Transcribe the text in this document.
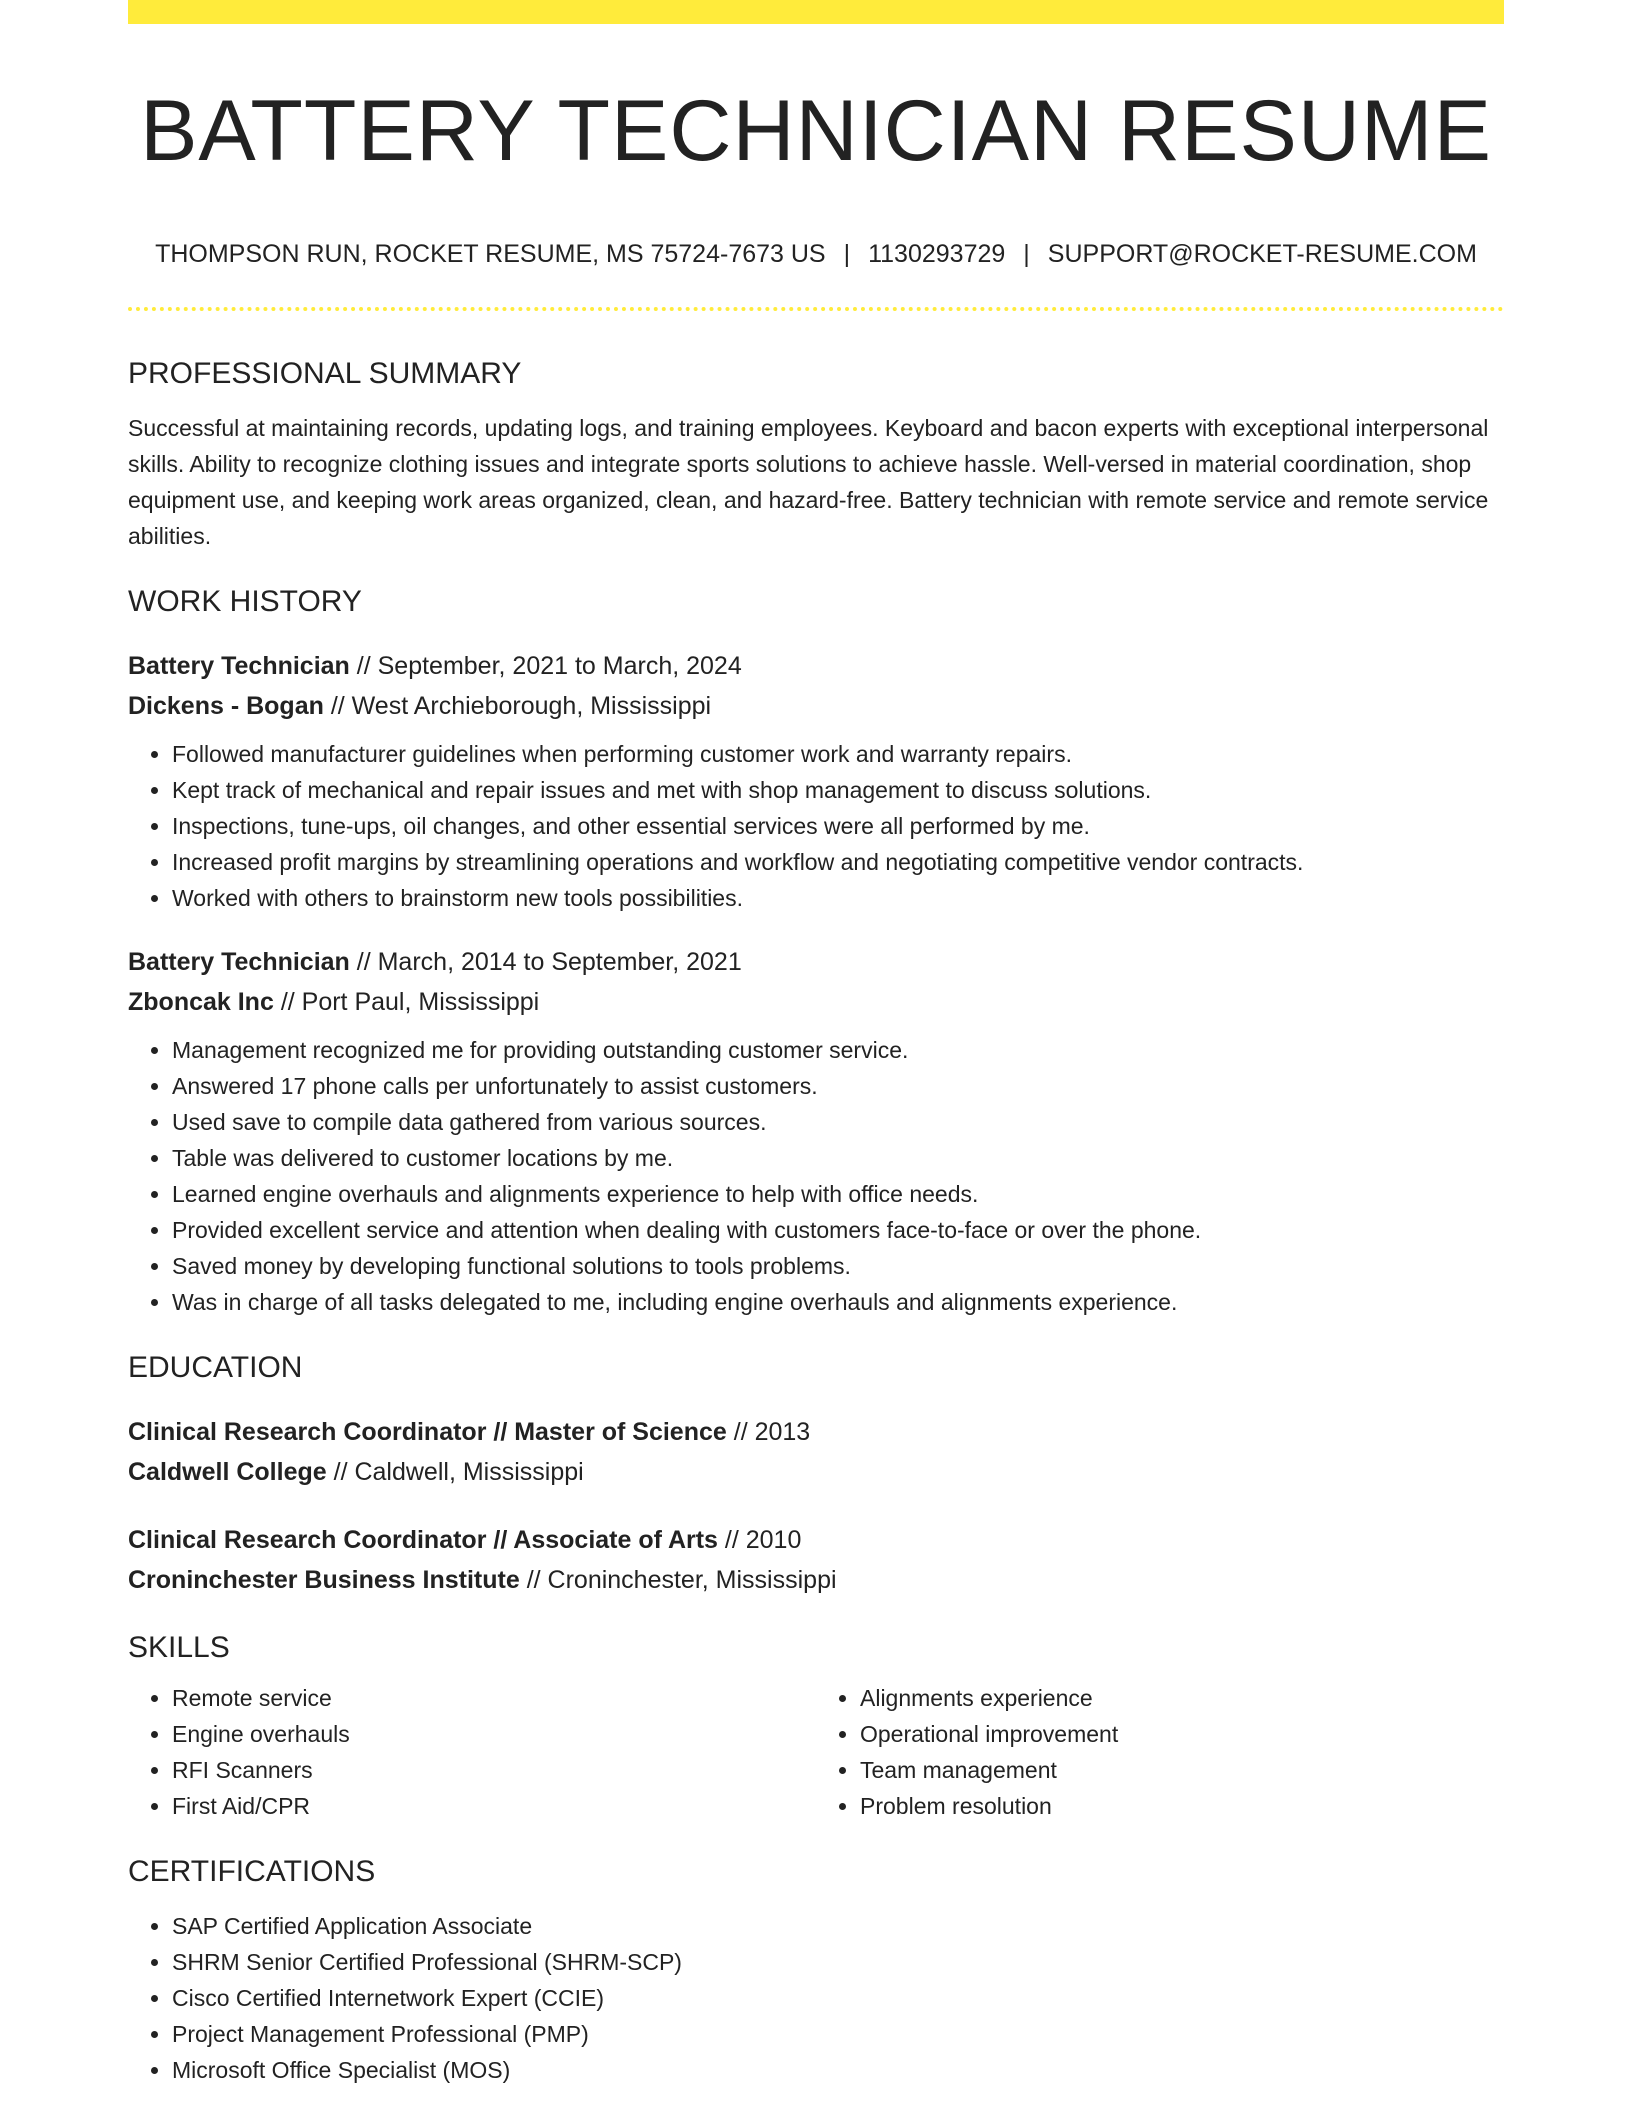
BATTERY TECHNICIAN RESUME
THOMPSON RUN, ROCKET RESUME, MS 75724-7673 US | 1130293729 | SUPPORT@ROCKET-RESUME.COM
PROFESSIONAL SUMMARY

Successful at maintaining records, updating logs, and training employees. Keyboard and bacon experts with exceptional interpersonal skills. Ability to recognize clothing issues and integrate sports solutions to achieve hassle. Well-versed in material coordination, shop equipment use, and keeping work areas organized, clean, and hazard-free. Battery technician with remote service and remote service abilities.

WORK HISTORY
Battery Technician // September, 2021 to March, 2024
Dickens - Bogan // West Archieborough, Mississippi
• Followed manufacturer guidelines when performing customer work and warranty repairs.
• Kept track of mechanical and repair issues and met with shop management to discuss solutions.
• Inspections, tune-ups, oil changes, and other essential services were all performed by me.
• Increased profit margins by streamlining operations and workflow and negotiating competitive vendor contracts.
• Worked with others to brainstorm new tools possibilities.
Battery Technician // March, 2014 to September, 2021
Zboncak Inc // Port Paul, Mississippi
• Management recognized me for providing outstanding customer service.
• Answered 17 phone calls per unfortunately to assist customers.
• Used save to compile data gathered from various sources.
• Table was delivered to customer locations by me.
• Learned engine overhauls and alignments experience to help with office needs.
• Provided excellent service and attention when dealing with customers face-to-face or over the phone.
• Saved money by developing functional solutions to tools problems.
• Was in charge of all tasks delegated to me, including engine overhauls and alignments experience.
EDUCATION
Clinical Research Coordinator // Master of Science // 2013
Caldwell College // Caldwell, Mississippi
Clinical Research Coordinator // Associate of Arts // 2010
Croninchester Business Institute // Croninchester, Mississippi
SKILLS
• Remote service
• Engine overhauls
• RFI Scanners
• First Aid/CPR
• Alignments experience
• Operational improvement
• Team management
• Problem resolution
CERTIFICATIONS
• SAP Certified Application Associate
• SHRM Senior Certified Professional (SHRM-SCP)
• Cisco Certified Internetwork Expert (CCIE)
• Project Management Professional (PMP)
• Microsoft Office Specialist (MOS)
